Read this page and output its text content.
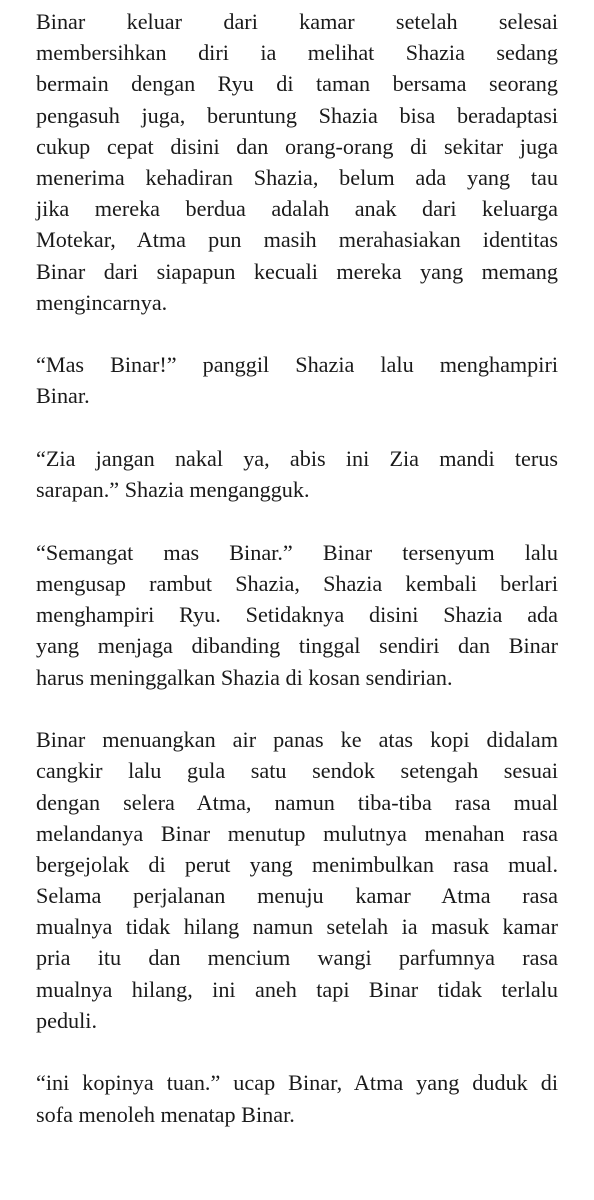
Binar keluar dari kamar setelah selesai
membersihkan diri ia melihat Shazia sedang
bermain dengan Ryu di taman bersama seorang
pengasuh juga, beruntung Shazia bisa beradaptasi
cukup cepat disini dan orang-orang di sekitar juga
menerima kehadiran Shazia, belum ada yang tau
jika mereka berdua adalah anak dari keluarga
Motekar, Atma pun masih merahasiakan identitas
Binar dari siapapun kecuali mereka yang memang
mengincarnya.

“Mas Binar!” panggil Shazia lalu menghampiri
Binar.

“Zia jangan nakal ya, abis ini Zia mandi terus
sarapan.” Shazia mengangguk.

“Semangat mas Binar.” Binar tersenyum lalu
mengusap rambut Shazia, Shazia kembali berlari
menghampiri Ryu. Setidaknya disini Shazia ada
yang menjaga dibanding tinggal sendiri dan Binar
harus meninggalkan Shazia di kosan sendirian.

Binar menuangkan air panas ke atas kopi didalam
cangkir lalu gula satu sendok setengah sesuai
dengan selera Atma, namun tiba-tiba rasa mual
melandanya Binar menutup mulutnya menahan rasa
bergejolak di perut yang menimbulkan rasa mual.
Selama perjalanan menuju kamar Atma rasa
mualnya tidak hilang namun setelah ia masuk kamar
pria itu dan mencium wangi parfumnya rasa
mualnya hilang, ini aneh tapi Binar tidak terlalu
peduli.

“ini kopinya tuan.” ucap Binar, Atma yang duduk di
sofa menoleh menatap Binar.
